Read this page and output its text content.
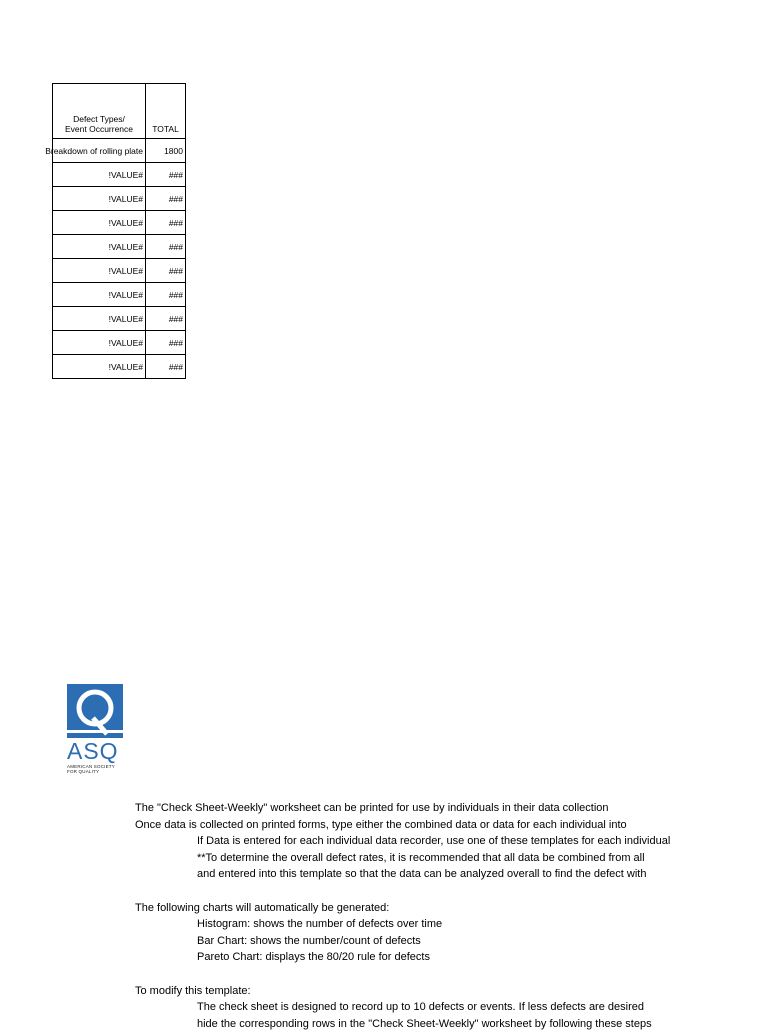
Defect Types/
Event Occurrence	TOTAL

Breakdown of rolling plate	1800

#VALUE!	###

#VALUE!	###

#VALUE!	###

#VALUE!	###

#VALUE!	###

#VALUE!	###

#VALUE!	###

#VALUE!	###

#VALUE!	###
ASQ
AMERICAN SOCIETY
FOR QUALITY
The "Check Sheet-Weekly" worksheet can be printed for use by individuals in their data collection
Once data is collected on printed forms, type either the combined data or data for each individual into
If Data is entered for each individual data recorder, use one of these templates for each individual
**To determine the overall defect rates, it is recommended that all data be combined from all
and entered into this template so that the data can be analyzed overall to find the defect with
The following charts will automatically be generated:
Histogram: shows the number of defects over time
Bar Chart: shows the number/count of defects
Pareto Chart: displays the 80/20 rule for defects
To modify this template:
The check sheet is designed to record up to 10 defects or events. If less defects are desired
hide the corresponding rows in the "Check Sheet-Weekly" worksheet by following these steps
